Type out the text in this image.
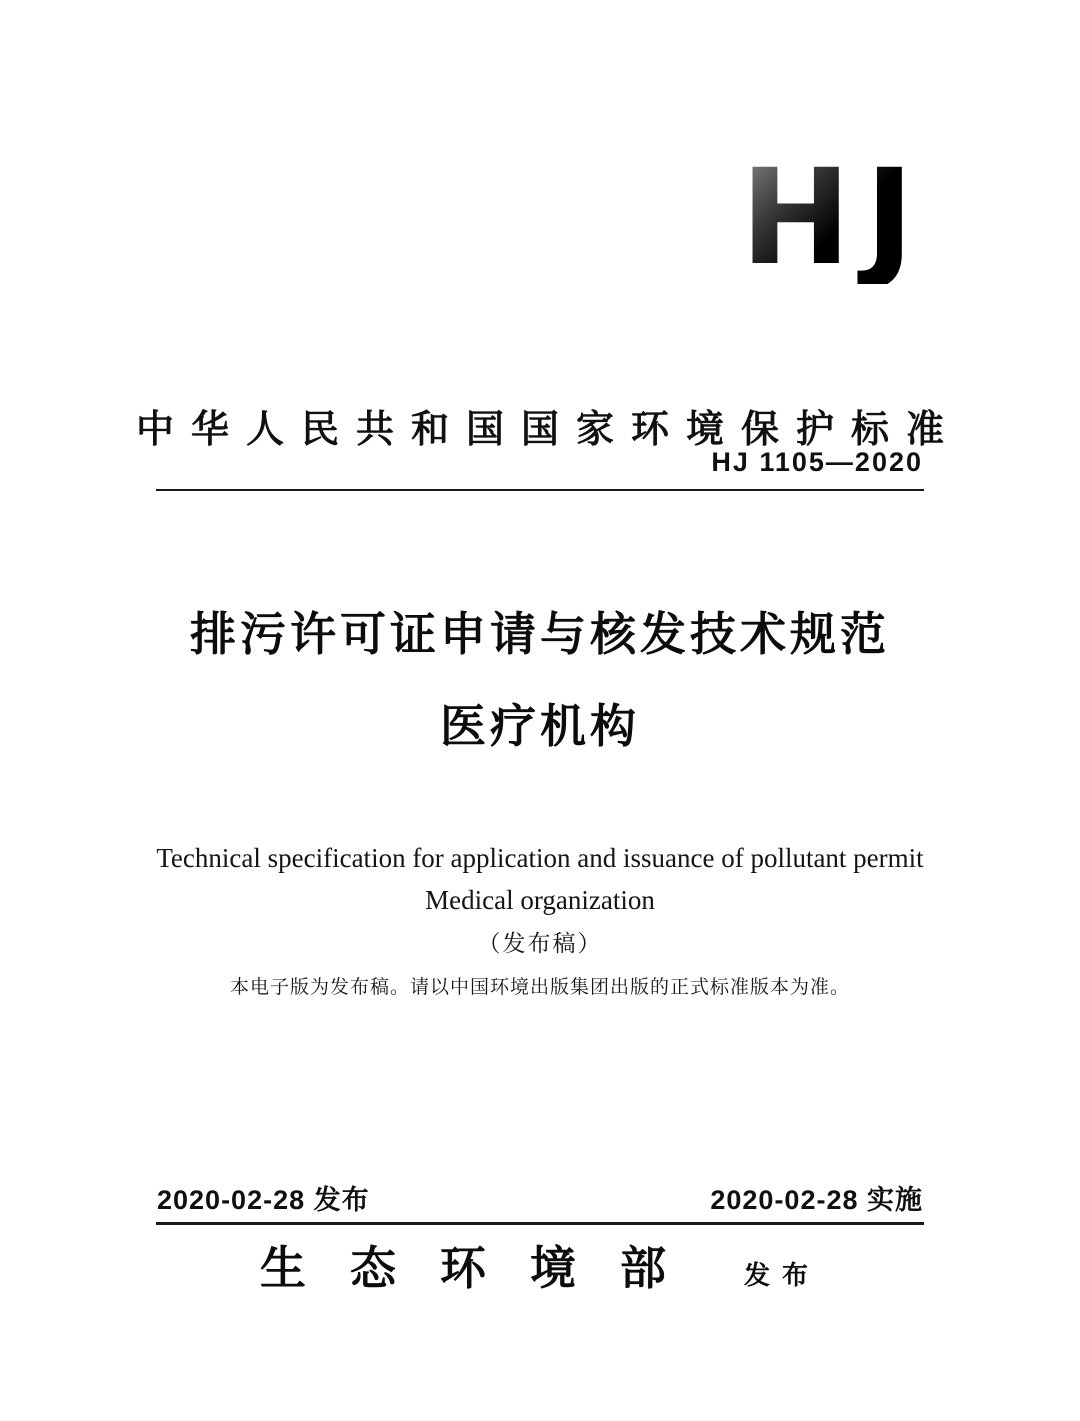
HJ
中华人民共和国国家环境保护标准
HJ 1105—2020
排污许可证申请与核发技术规范
医疗机构
Technical specification for application and issuance of pollutant permit
Medical organization
（发布稿）
本电子版为发布稿。请以中国环境出版集团出版的正式标准版本为准。
2020-02-28 发布	2020-02-28 实施
生态环境部 发布
